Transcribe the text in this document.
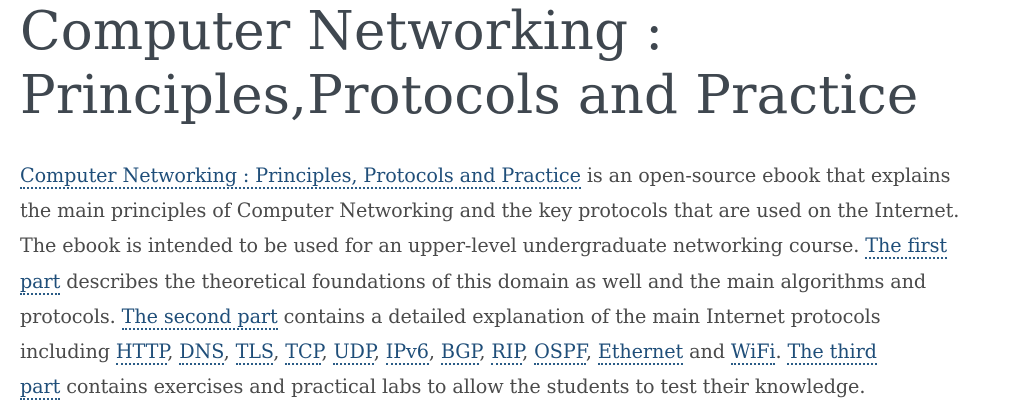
Computer Networking :
Principles,Protocols and Practice

Computer Networking : Principles, Protocols and Practice is an open-source ebook that explains
the main principles of Computer Networking and the key protocols that are used on the Internet.
The ebook is intended to be used for an upper-level undergraduate networking course. The first
part describes the theoretical foundations of this domain as well and the main algorithms and
protocols. The second part contains a detailed explanation of the main Internet protocols
including HTTP, DNS, TLS, TCP, UDP, IPv6, BGP, RIP, OSPF, Ethernet and WiFi. The third
part contains exercises and practical labs to allow the students to test their knowledge.
